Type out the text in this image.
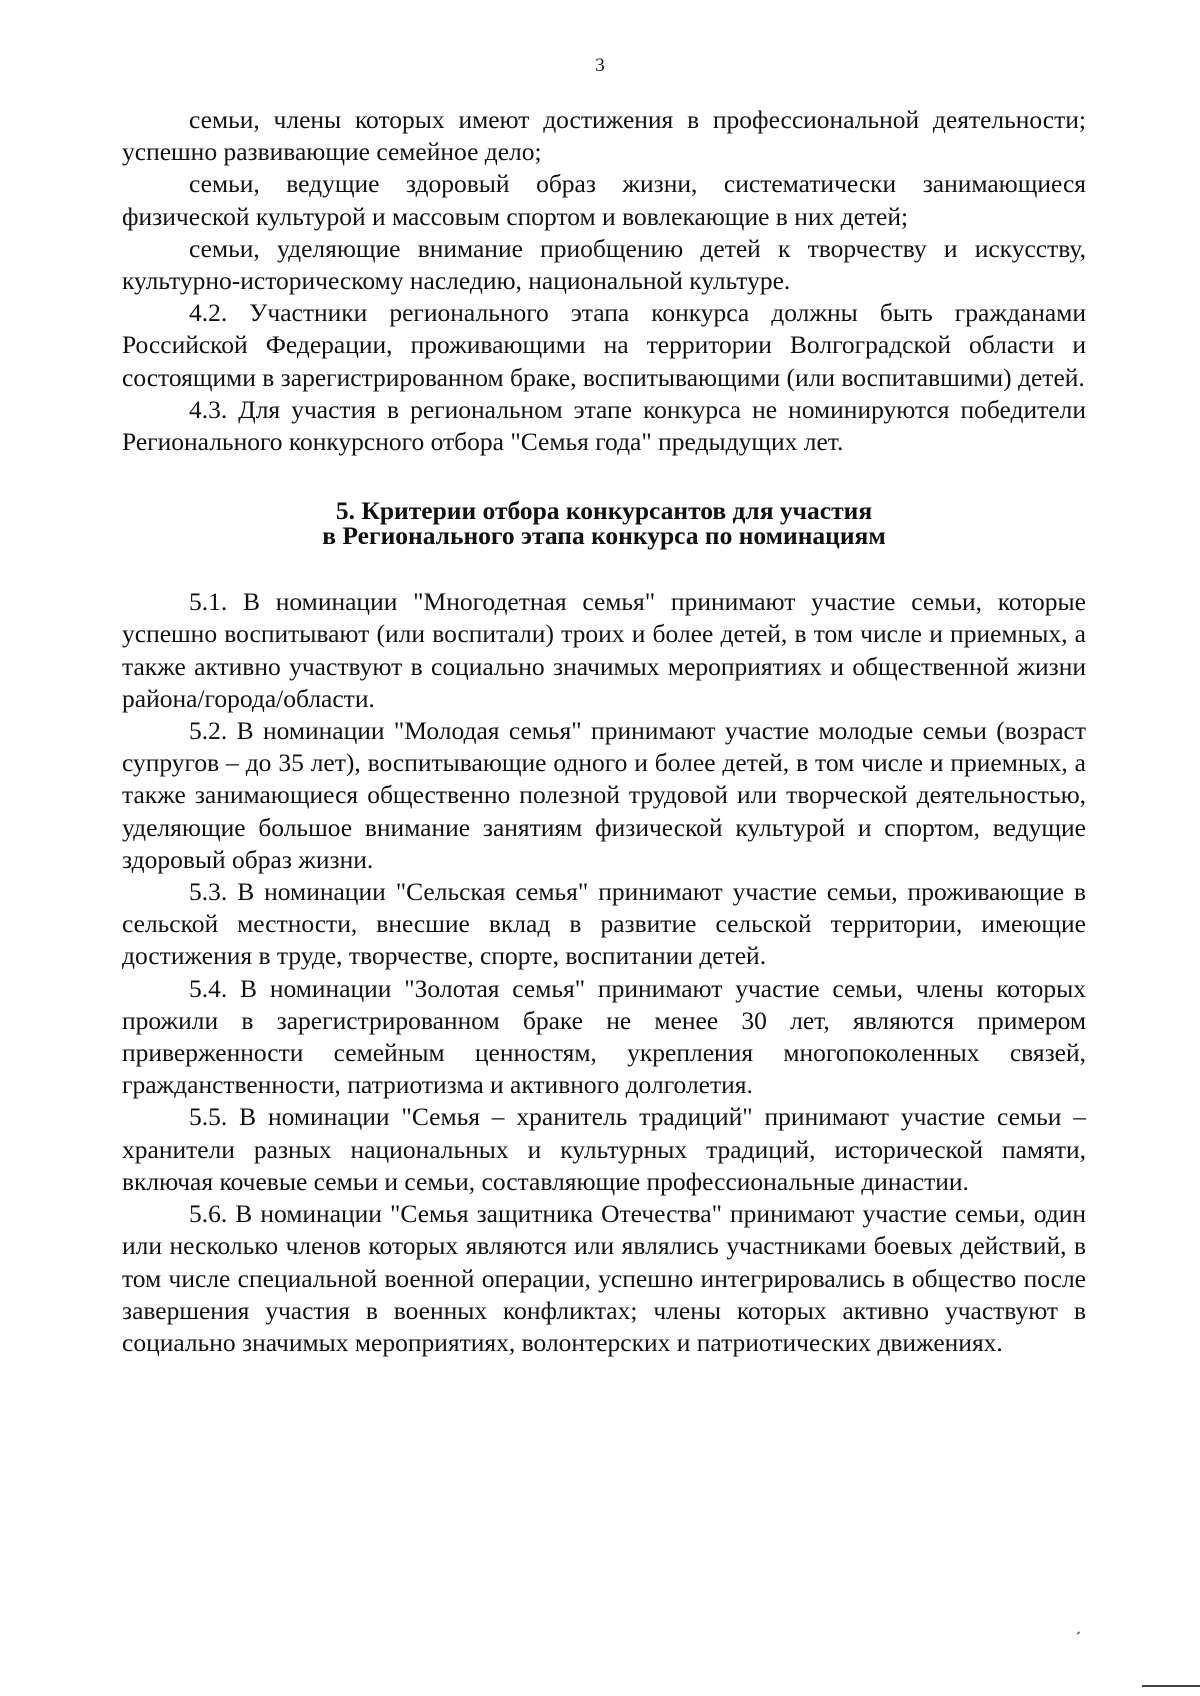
3

семьи, члены которых имеют достижения в профессиональной деятельности; успешно развивающие семейное дело;

семьи, ведущие здоровый образ жизни, систематически занимающиеся физической культурой и массовым спортом и вовлекающие в них детей;

семьи, уделяющие внимание приобщению детей к творчеству и искусству, культурно-историческому наследию, национальной культуре.

4.2. Участники регионального этапа конкурса должны быть гражданами Российской Федерации, проживающими на территории Волгоградской области и состоящими в зарегистрированном браке, воспитывающими (или воспитавшими) детей.

4.3. Для участия в региональном этапе конкурса не номинируются победители Регионального конкурсного отбора "Семья года" предыдущих лет.

5. Критерии отбора конкурсантов для участия
в Регионального этапа конкурса по номинациям

5.1. В номинации "Многодетная семья" принимают участие семьи, которые успешно воспитывают (или воспитали) троих и более детей, в том числе и приемных, а также активно участвуют в социально значимых мероприятиях и общественной жизни района/города/области.

5.2. В номинации "Молодая семья" принимают участие молодые семьи (возраст супругов – до 35 лет), воспитывающие одного и более детей, в том числе и приемных, а также занимающиеся общественно полезной трудовой или творческой деятельностью, уделяющие большое внимание занятиям физической культурой и спортом, ведущие здоровый образ жизни.

5.3. В номинации "Сельская семья" принимают участие семьи, проживающие в сельской местности, внесшие вклад в развитие сельской территории, имеющие достижения в труде, творчестве, спорте, воспитании детей.

5.4. В номинации "Золотая семья" принимают участие семьи, члены которых прожили в зарегистрированном браке не менее 30 лет, являются примером приверженности семейным ценностям, укрепления многопоколенных связей, гражданственности, патриотизма и активного долголетия.

5.5. В номинации "Семья – хранитель традиций" принимают участие семьи – хранители разных национальных и культурных традиций, исторической памяти, включая кочевые семьи и семьи, составляющие профессиональные династии.

5.6. В номинации "Семья защитника Отечества" принимают участие семьи, один или несколько членов которых являются или являлись участниками боевых действий, в том числе специальной военной операции, успешно интегрировались в общество после завершения участия в военных конфликтах; члены которых активно участвуют в социально значимых мероприятиях, волонтерских и патриотических движениях.
